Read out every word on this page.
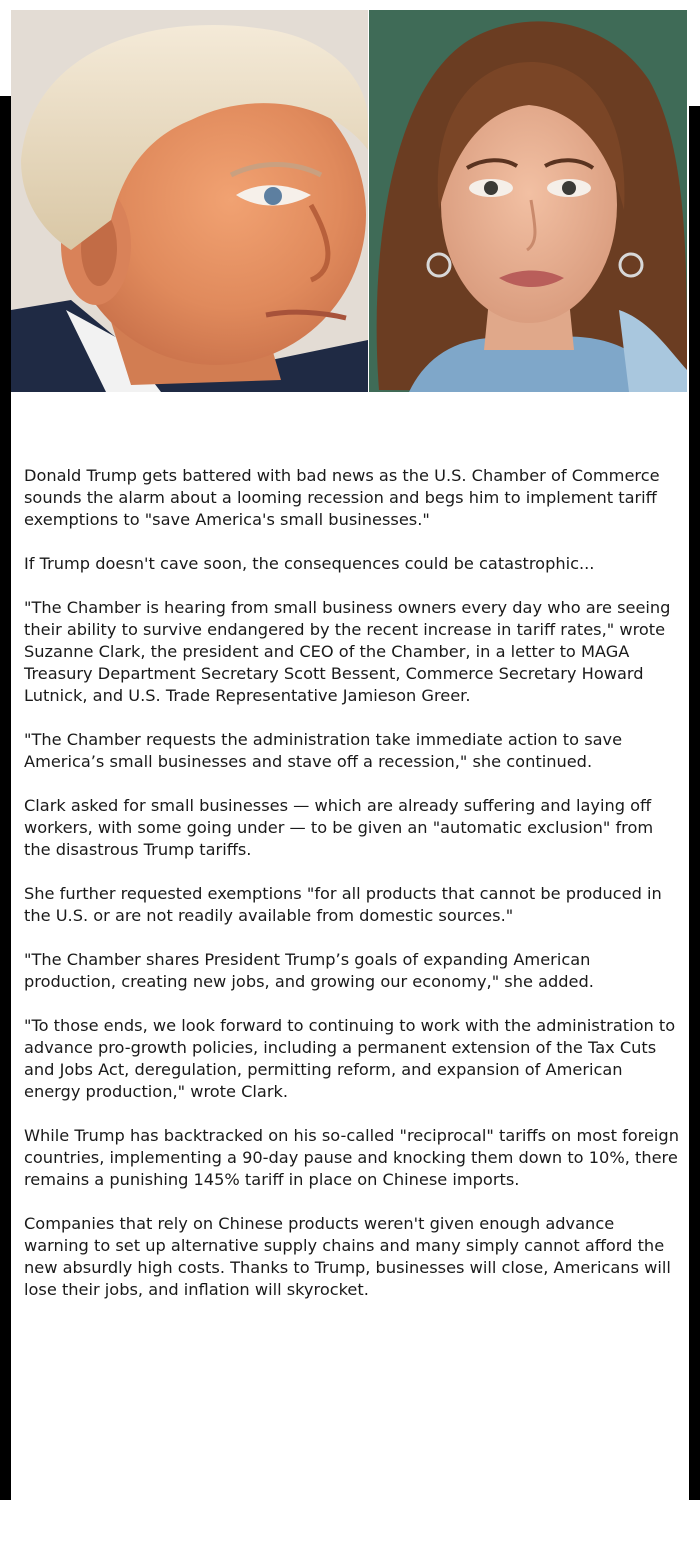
Donald Trump gets battered with bad news as the U.S. Chamber of Commerce sounds the alarm about a looming recession and begs him to implement tariff exemptions to "save America's small businesses."

If Trump doesn't cave soon, the consequences could be catastrophic...

"The Chamber is hearing from small business owners every day who are seeing their ability to survive endangered by the recent increase in tariff rates," wrote Suzanne Clark, the president and CEO of the Chamber, in a letter to MAGA Treasury Department Secretary Scott Bessent, Commerce Secretary Howard Lutnick, and U.S. Trade Representative Jamieson Greer.

"The Chamber requests the administration take immediate action to save America’s small businesses and stave off a recession," she continued.

Clark asked for small businesses — which are already suffering and laying off workers, with some going under — to be given an "automatic exclusion" from the disastrous Trump tariffs.

She further requested exemptions "for all products that cannot be produced in the U.S. or are not readily available from domestic sources."

"The Chamber shares President Trump’s goals of expanding American production, creating new jobs, and growing our economy," she added.

"To those ends, we look forward to continuing to work with the administration to advance pro-growth policies, including a permanent extension of the Tax Cuts and Jobs Act, deregulation, permitting reform, and expansion of American energy production," wrote Clark.

While Trump has backtracked on his so-called "reciprocal" tariffs on most foreign countries, implementing a 90-day pause and knocking them down to 10%, there remains a punishing 145% tariff in place on Chinese imports.

Companies that rely on Chinese products weren't given enough advance warning to set up alternative supply chains and many simply cannot afford the new absurdly high costs. Thanks to Trump, businesses will close, Americans will lose their jobs, and inflation will skyrocket.
